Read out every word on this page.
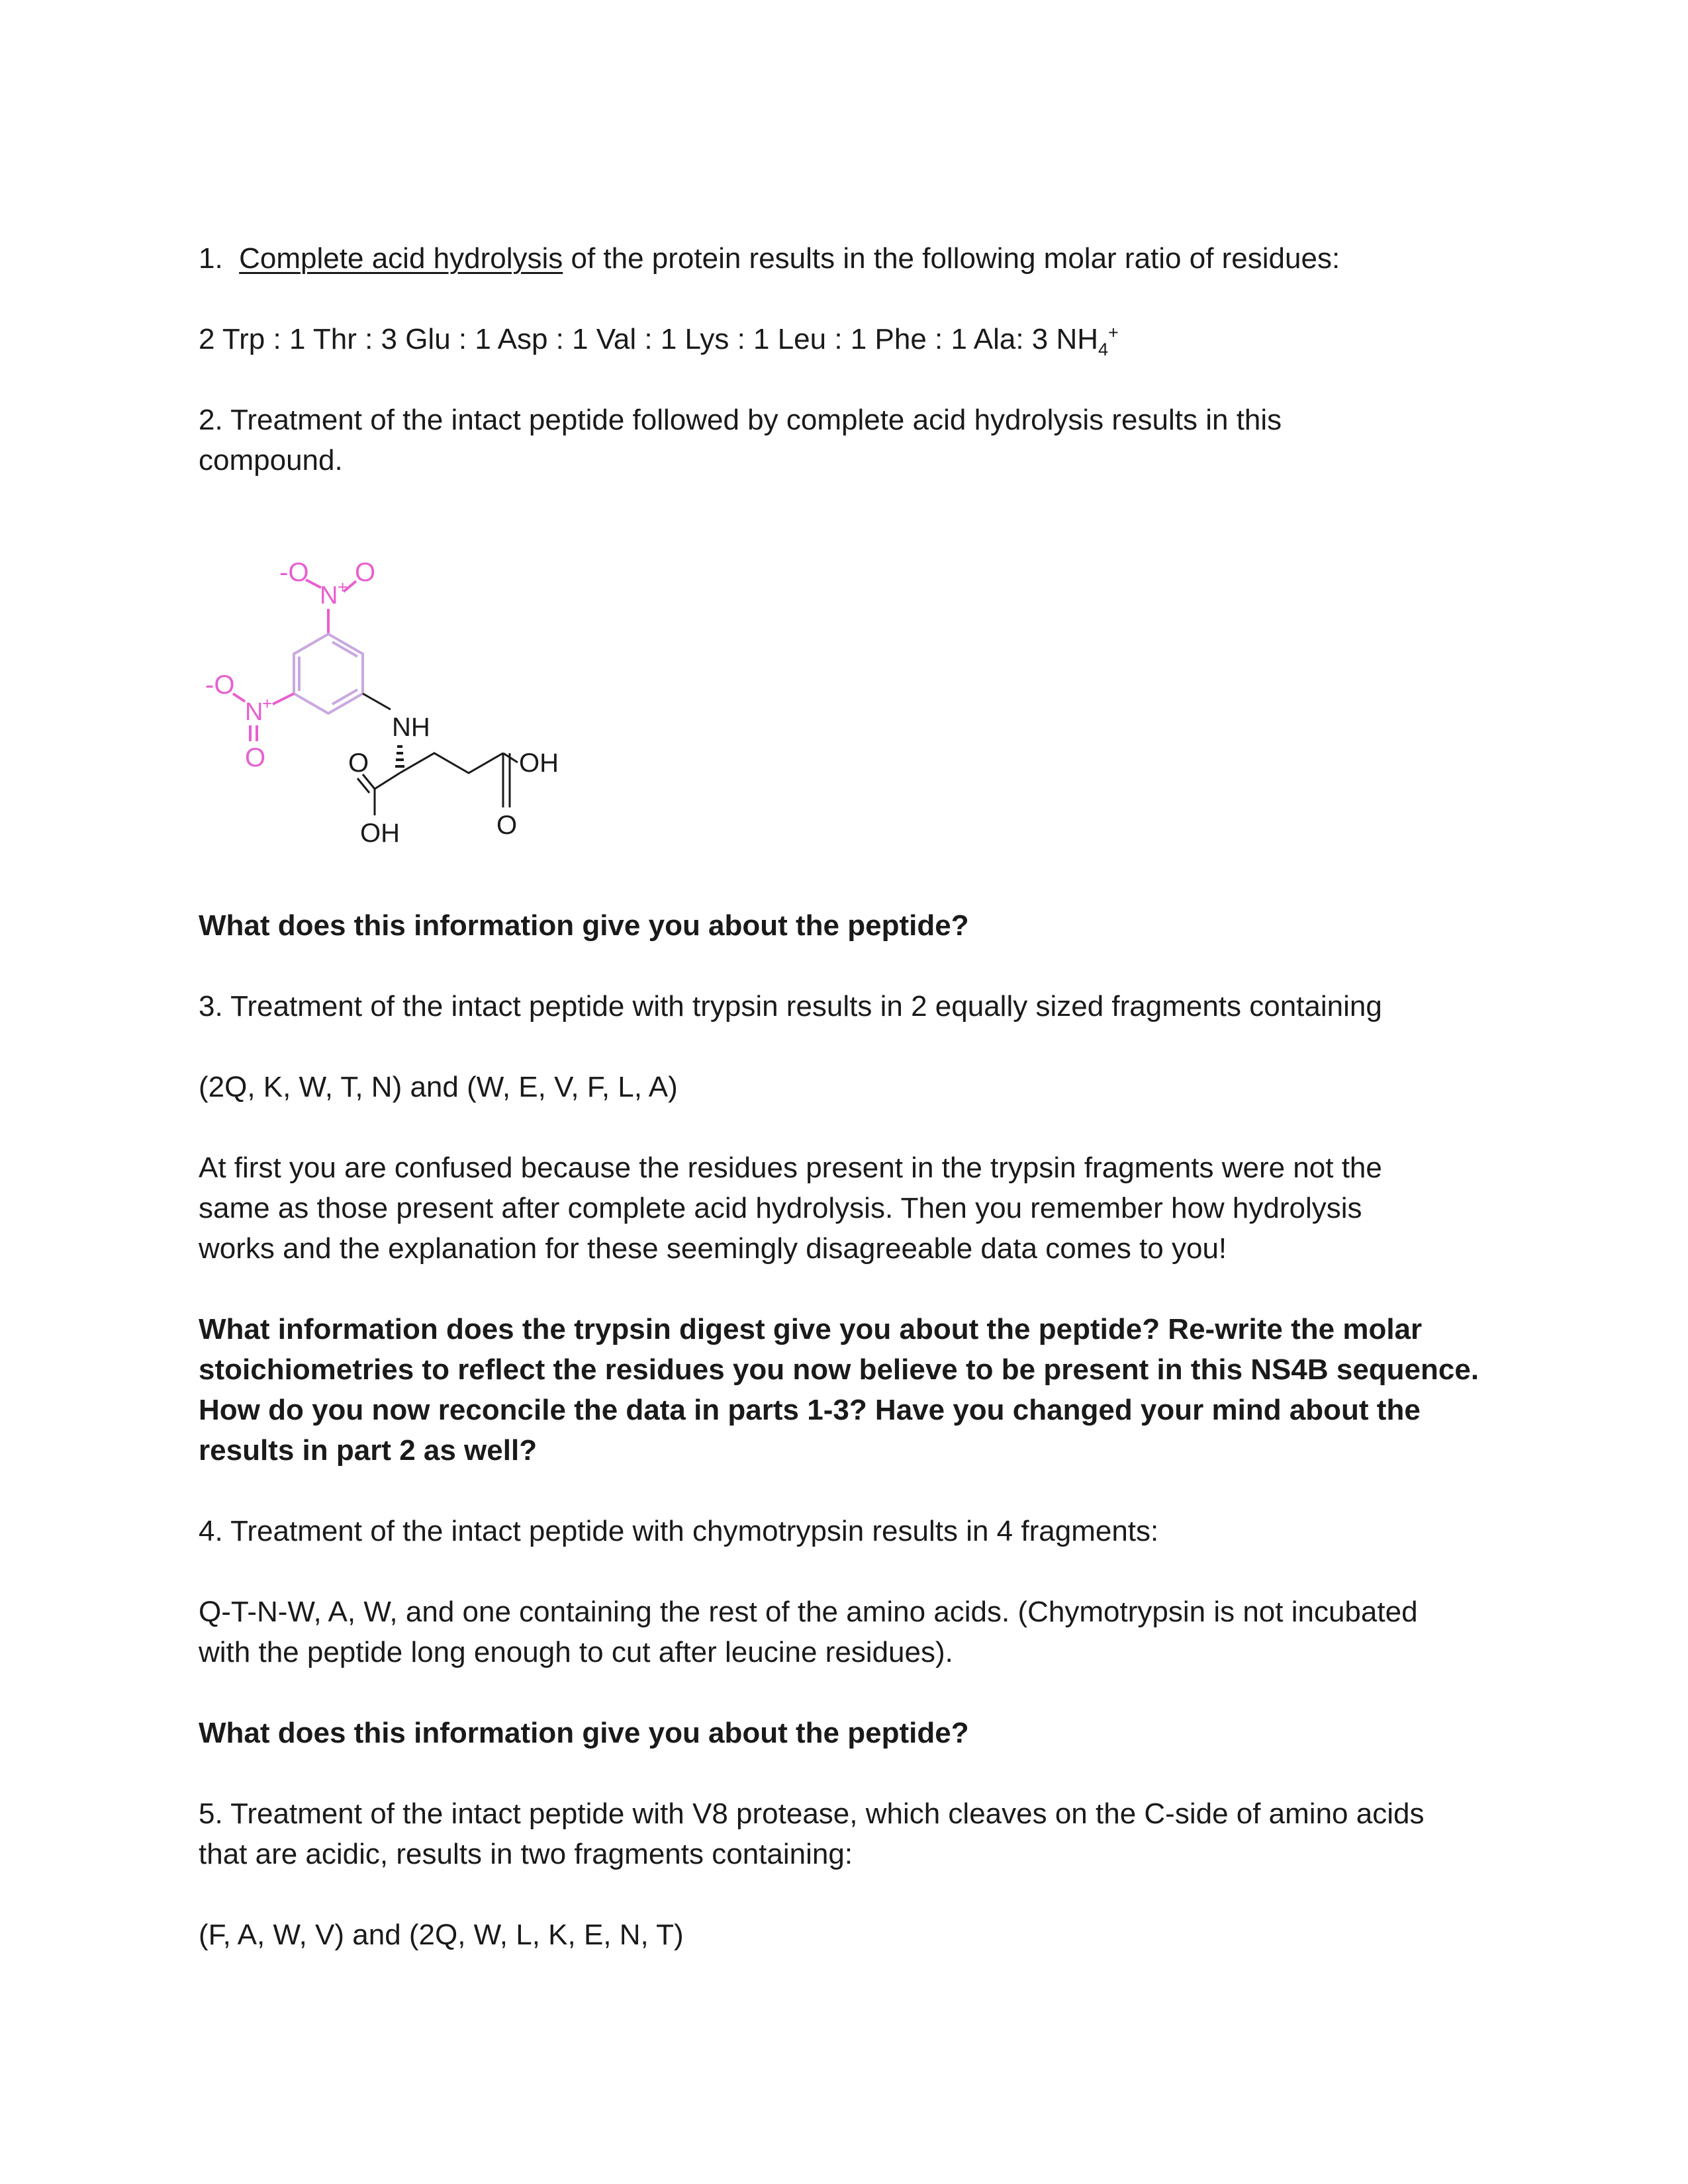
1. Complete acid hydrolysis of the protein results in the following molar ratio of residues:

2 Trp : 1 Thr : 3 Glu : 1 Asp : 1 Val : 1 Lys : 1 Leu : 1 Phe : 1 Ala: 3 $NH_4^+$

2. Treatment of the intact peptide followed by complete acid hydrolysis results in this
compound.

What does this information give you about the peptide?

3. Treatment of the intact peptide with trypsin results in 2 equally sized fragments containing

(2Q, K, W, T, N) and (W, E, V, F, L, A)

At first you are confused because the residues present in the trypsin fragments were not the
same as those present after complete acid hydrolysis. Then you remember how hydrolysis
works and the explanation for these seemingly disagreeable data comes to you!

What information does the trypsin digest give you about the peptide? Re-write the molar
stoichiometries to reflect the residues you now believe to be present in this NS4B sequence.
How do you now reconcile the data in parts 1-3? Have you changed your mind about the
results in part 2 as well?

4. Treatment of the intact peptide with chymotrypsin results in 4 fragments:

Q-T-N-W, A, W, and one containing the rest of the amino acids. (Chymotrypsin is not incubated
with the peptide long enough to cut after leucine residues).

What does this information give you about the peptide?

5. Treatment of the intact peptide with V8 protease, which cleaves on the C-side of amino acids
that are acidic, results in two fragments containing:

(F, A, W, V) and (2Q, W, L, K, E, N, T)

-O
N + O
-O
N
+
O
NH
O	OH
OH	O
